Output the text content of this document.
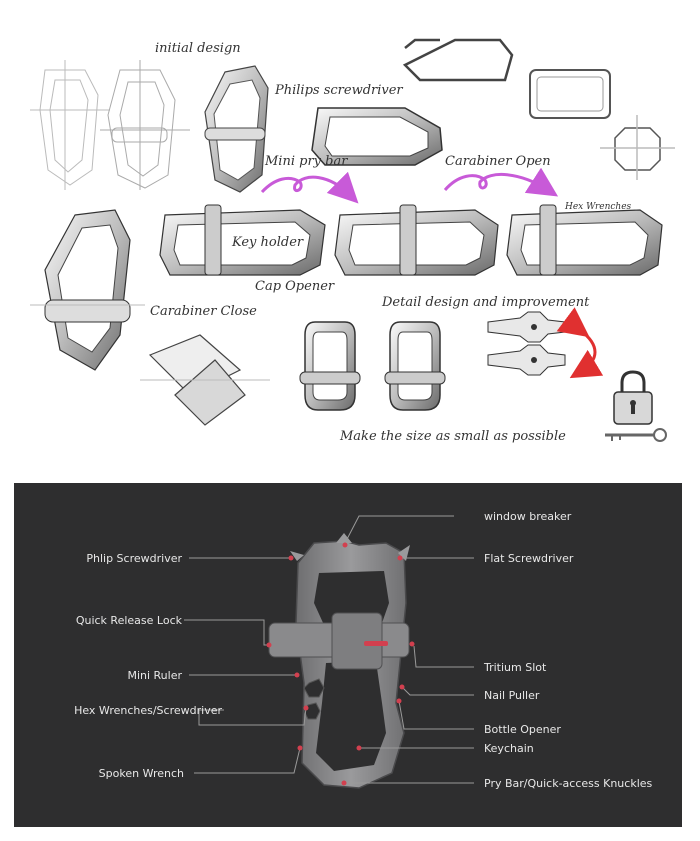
initial design
Philips screwdriver
Mini pry bar	Carabiner Open
Hex Wrenches
Key holder
Cap Opener
Carabiner Close
Detail design and improvement
Make the size as small as possible
Phlip Screwdriver
Quick Release Lock
Mini Ruler
Hex Wrenches/Screwdriver
Spoken Wrench
window breaker
Flat Screwdriver
Tritium Slot
Nail Puller
Bottle Opener
Keychain
Pry Bar/Quick-access Knuckles
